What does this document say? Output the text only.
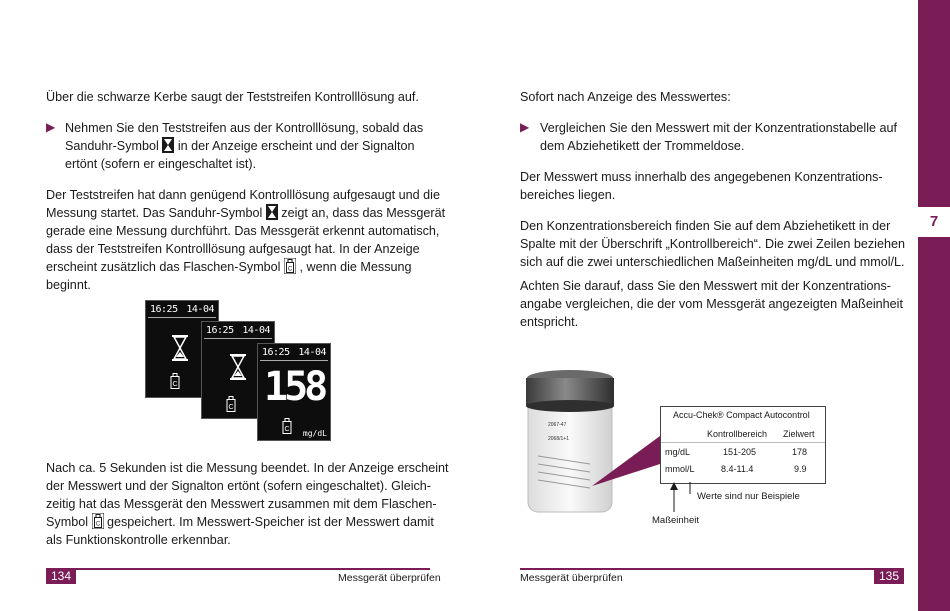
7

Über die schwarze Kerbe saugt der Teststreifen Kontrolllösung auf.

▶ Nehmen Sie den Teststreifen aus der Kontrolllösung, sobald das

Sanduhr-Symbol in der Anzeige erscheint und der Signalton

ertönt (sofern er eingeschaltet ist).

Der Teststreifen hat dann genügend Kontrolllösung aufgesaugt und die

Messung startet. Das Sanduhr-Symbol zeigt an, dass das Messgerät

gerade eine Messung durchführt. Das Messgerät erkennt automatisch,

dass der Teststreifen Kontrolllösung aufgesaugt hat. In der Anzeige

erscheint zusätzlich das Flaschen-Symbol C , wenn die Messung

beginnt.

16:25 14-04
C
16:25 14-04
C
16:25 14-04
158
C mg/dL

Nach ca. 5 Sekunden ist die Messung beendet. In der Anzeige erscheint

der Messwert und der Signalton ertönt (sofern eingeschaltet). Gleich-

zeitig hat das Messgerät den Messwert zusammen mit dem Flaschen-

Symbol C gespeichert. Im Messwert-Speicher ist der Messwert damit

als Funktionskontrolle erkennbar.

134	Messgerät überprüfen

Sofort nach Anzeige des Messwertes:

▶ Vergleichen Sie den Messwert mit der Konzentrationstabelle auf

dem Abziehetikett der Trommeldose.

Der Messwert muss innerhalb des angegebenen Konzentrations-

bereiches liegen.

Den Konzentrationsbereich finden Sie auf dem Abziehetikett in der

Spalte mit der Überschrift „Kontrollbereich“. Die zwei Zeilen beziehen

sich auf die zwei unterschiedlichen Maßeinheiten mg/dL und mmol/L.

Achten Sie darauf, dass Sie den Messwert mit der Konzentrations-

angabe vergleichen, die der vom Messgerät angezeigten Maßeinheit

entspricht.

2067-47
2068/1+1
Accu-Chek® Compact Autocontrol
Kontrollbereich Zielwert
mg/dL	151-205	178
mmol/L	8.4-11.4	9.9
Werte sind nur Beispiele
Maßeinheit
135
Messgerät überprüfen
